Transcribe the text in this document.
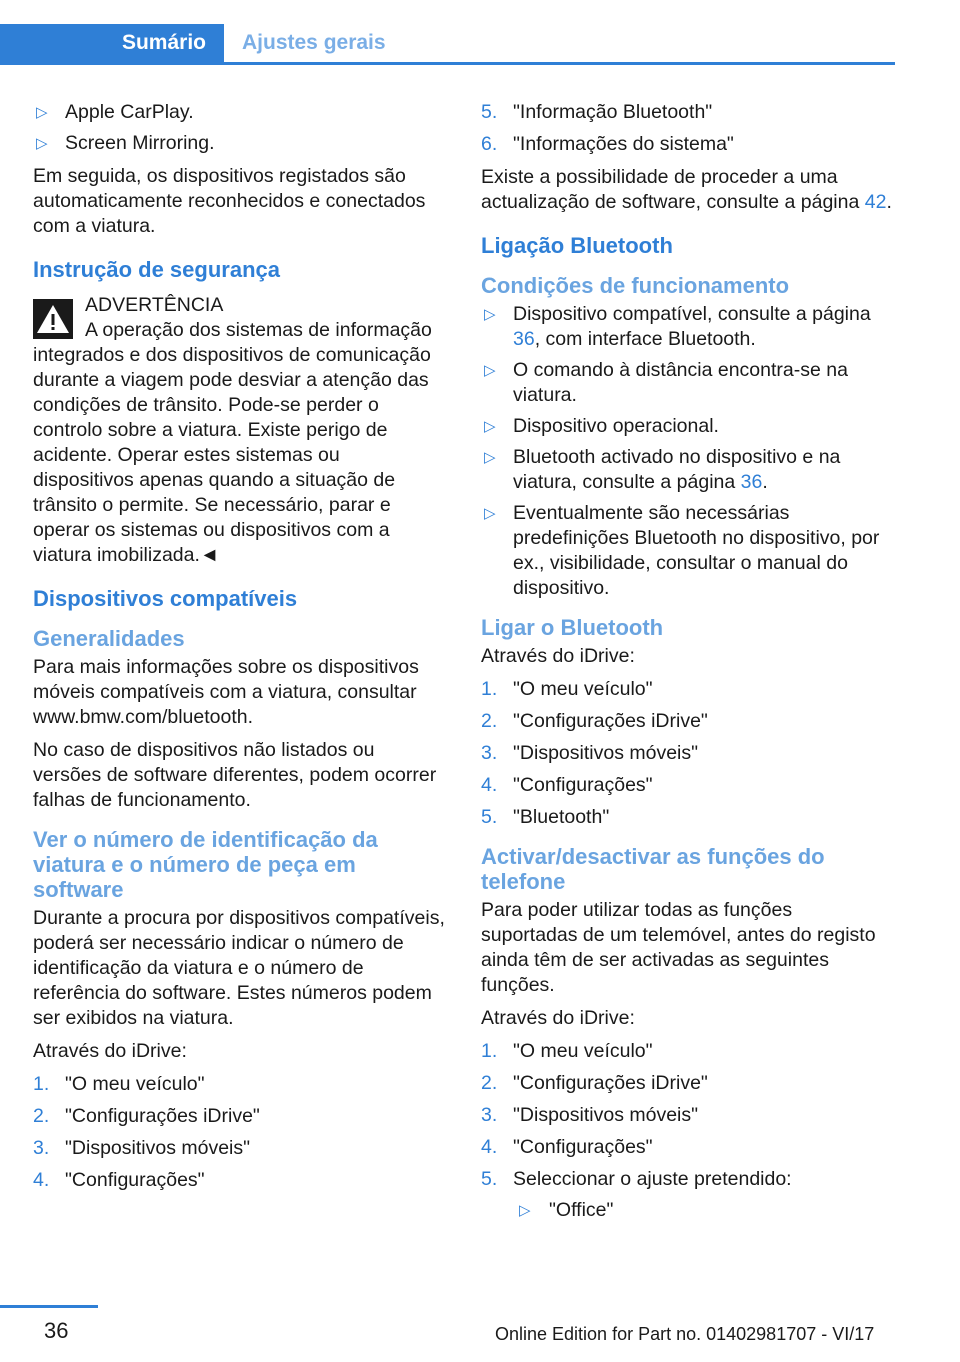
Sumário	Ajustes gerais
▷ Apple CarPlay.
▷ Screen Mirroring.

Em seguida, os dispositivos registados são automaticamente reconhecidos e conectados com a viatura.

Instrução de segurança
ADVERTÊNCIA
A operação dos sistemas de informação integrados e dos dispositivos de comunicação durante a viagem pode desviar a atenção das condições de trânsito. Pode-se perder o controlo sobre a viatura. Existe perigo de acidente. Operar estes sistemas ou dispositivos apenas quando a situação de trânsito o permite. Se necessário, parar e operar os sistemas ou dispositivos com a viatura imobilizada.◄
Dispositivos compatíveis
Generalidades

Para mais informações sobre os dispositivos móveis compatíveis com a viatura, consultar www.bmw.com/bluetooth.

No caso de dispositivos não listados ou versões de software diferentes, podem ocorrer falhas de funcionamento.

Ver o número de identificação da viatura e o número de peça em software

Durante a procura por dispositivos compatíveis, poderá ser necessário indicar o número de identificação da viatura e o número de referência do software. Estes números podem ser exibidos na viatura.

Através do iDrive:

1. "O meu veículo"
2. "Configurações iDrive"
3. "Dispositivos móveis"
4. "Configurações"
5. "Informação Bluetooth"
6. "Informações do sistema"

Existe a possibilidade de proceder a uma actualização de software, consulte a página 42.

Ligação Bluetooth
Condições de funcionamento
▷ Dispositivo compatível, consulte a página 36, com interface Bluetooth.
▷ O comando à distância encontra-se na viatura.
▷ Dispositivo operacional.
▷ Bluetooth activado no dispositivo e na viatura, consulte a página 36.
▷ Eventualmente são necessárias predefinições Bluetooth no dispositivo, por ex., visibilidade, consultar o manual do dispositivo.
Ligar o Bluetooth

Através do iDrive:

1. "O meu veículo"
2. "Configurações iDrive"
3. "Dispositivos móveis"
4. "Configurações"
5. "Bluetooth"
Activar/desactivar as funções do telefone

Para poder utilizar todas as funções suportadas de um telemóvel, antes do registo ainda têm de ser activadas as seguintes funções.

Através do iDrive:

1. "O meu veículo"
2. "Configurações iDrive"
3. "Dispositivos móveis"
4. "Configurações"
5. Seleccionar o ajuste pretendido:
▷ "Office"
36	Online Edition for Part no. 01402981707 - VI/17
